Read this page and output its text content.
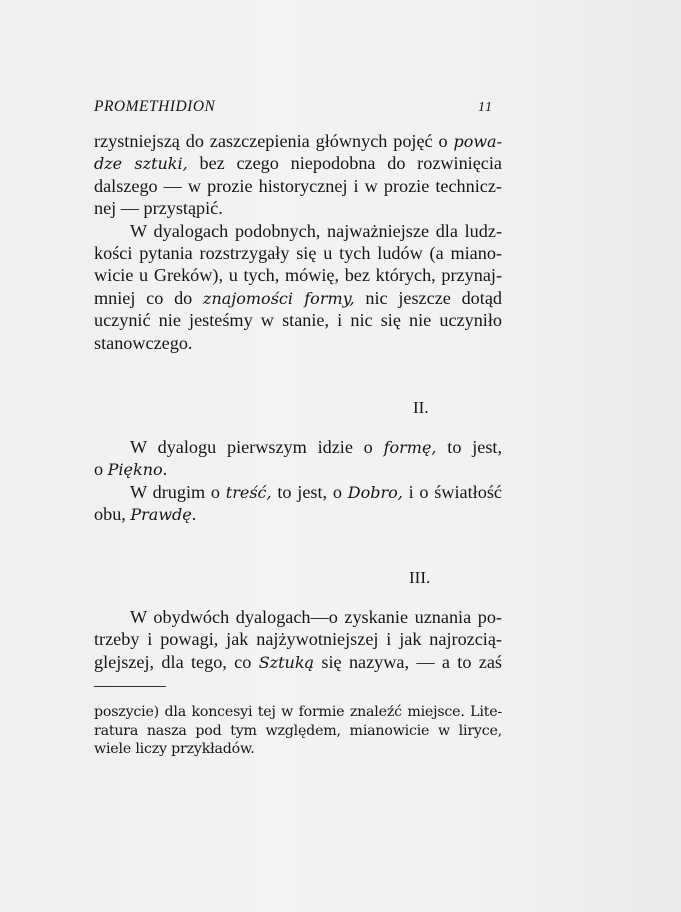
PROMETHIDION	11
rzystniejszą do zaszczepienia głównych pojęć o powa-
dze sztuki, bez czego niepodobna do rozwinięcia
dalszego — w prozie historycznej i w prozie technicz-
nej — przystąpić.
W dyalogach podobnych, najważniejsze dla ludz-
kości pytania rozstrzygały się u tych ludów (a miano-
wicie u Greków), u tych, mówię, bez których, przynaj-
mniej co do znajomości formy, nic jeszcze dotąd
uczynić nie jesteśmy w stanie, i nic się nie uczyniło
stanowczego.
II.
W dyalogu pierwszym idzie o formę, to jest,
o Piękno.
W drugim o treść, to jest, o Dobro, i o światłość
obu, Prawdę.
III.
W obydwóch dyalogach—o zyskanie uznania po-
trzeby i powagi, jak najżywotniejszej i jak najrozcią-
glejszej, dla tego, co Sztuką się nazywa, — a to zaś
poszycie) dla koncesyi tej w formie znaleźć miejsce. Lite-
ratura nasza pod tym względem, mianowicie w liryce,
wiele liczy przykładów.
